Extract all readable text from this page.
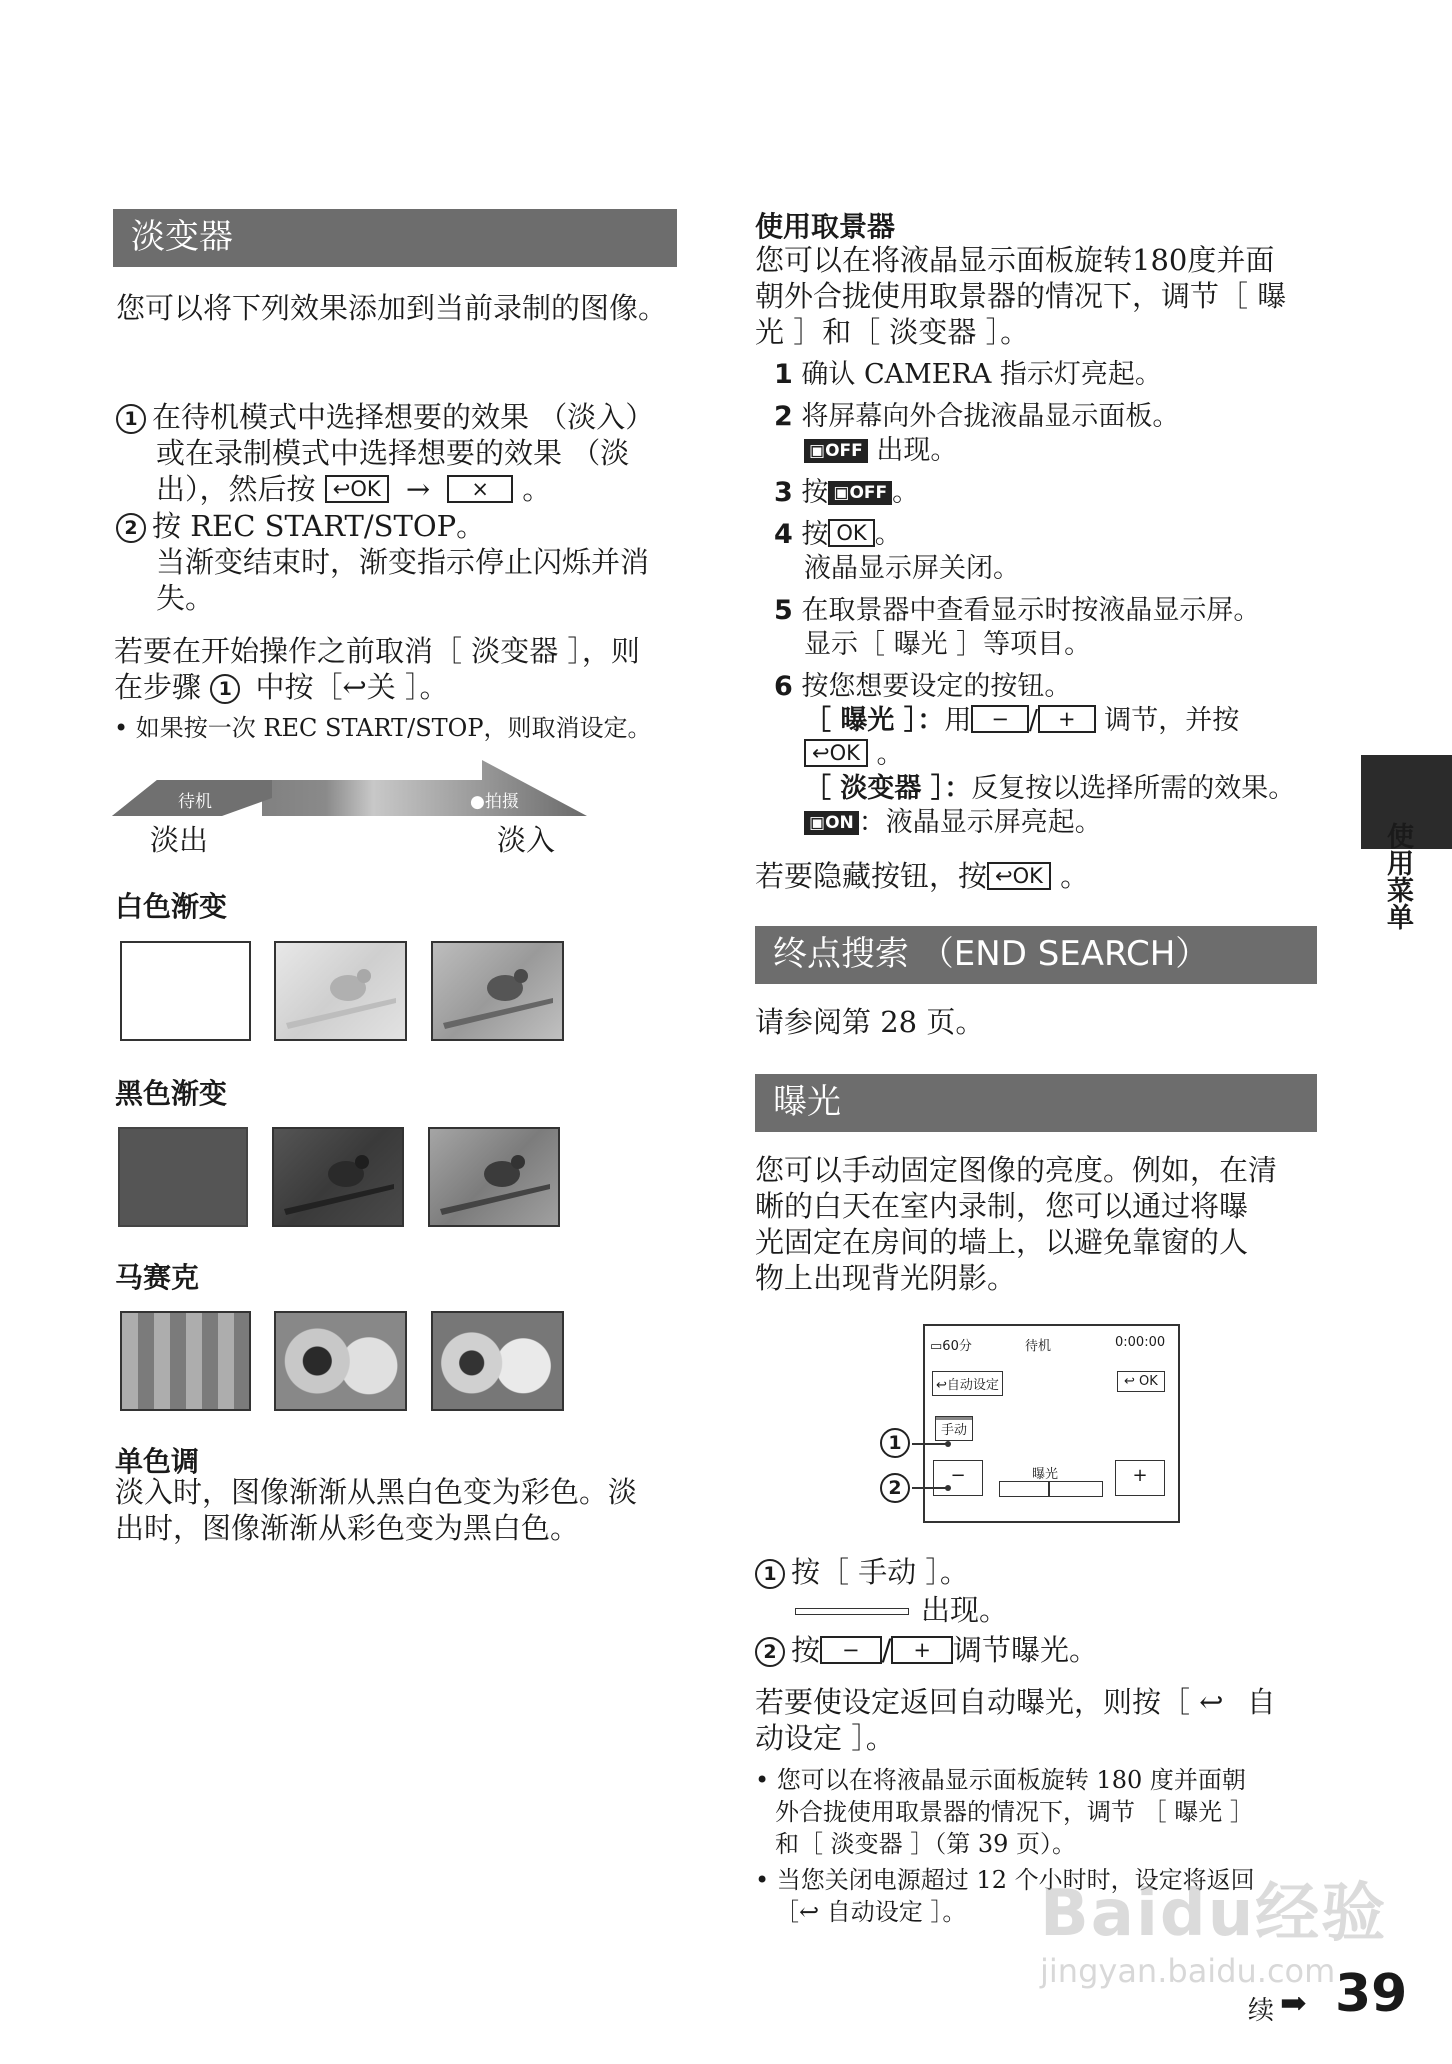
淡变器
您可以将下列效果添加到当前录制的图像。
1 在待机模式中选择想要的效果 （淡入）
或在录制模式中选择想要的效果 （淡
出），然后按 ↩OK → × 。
2 按 REC START/STOP。
当渐变结束时，渐变指示停止闪烁并消
失。
若要在开始操作之前取消［ 淡变器 ］，则
在步骤 1 中按［↩关 ］。
• 如果按一次 REC START/STOP，则取消设定。
待机	●拍摄
淡出	淡入
白色渐变
黑色渐变
马赛克
单色调
淡入时，图像渐渐从黑白色变为彩色。淡
出时，图像渐渐从彩色变为黑白色。
使用取景器
您可以在将液晶显示面板旋转180度并面
朝外合拢使用取景器的情况下，调节［ 曝
光 ］和［ 淡变器 ］。
1 确认 CAMERA 指示灯亮起。
2 将屏幕向外合拢液晶显示面板。
▣OFF 出现。
3 按 ▣OFF 。
4 按 OK 。
液晶显示屏关闭。
5 在取景器中查看显示时按液晶显示屏。
显示［ 曝光 ］等项目。
6 按您想要设定的按钮。
［ 曝光 ］：用 − / + 调节，并按
↩OK 。
［ 淡变器 ］：反复按以选择所需的效果。
▣ON ：液晶显示屏亮起。
若要隐藏按钮，按 ↩OK 。
终点搜索 （END SEARCH）
请参阅第 28 页。
曝光
您可以手动固定图像的亮度。例如，在清
晰的白天在室内录制，您可以通过将曝
光固定在房间的墙上，以避免靠窗的人
物上出现背光阴影。
▭60分	待机	0:00:00
↩自动设定	↩ OK
手动
−	+
曝光
1
2
1 按［ 手动 ］。
出现。
2 按 − / + 调节曝光。
若要使设定返回自动曝光，则按［ ↩ 自
动设定 ］。
• 您可以在将液晶显示面板旋转 180 度并面朝
外合拢使用取景器的情况下，调节 ［ 曝光 ］
和［ 淡变器 ］（第 39 页）。
• 当您关闭电源超过 12 个小时时，设定将返回
［↩ 自动设定 ］。
使用菜单
Baidu经验
jingyan.baidu.com
续 ➡ 39
